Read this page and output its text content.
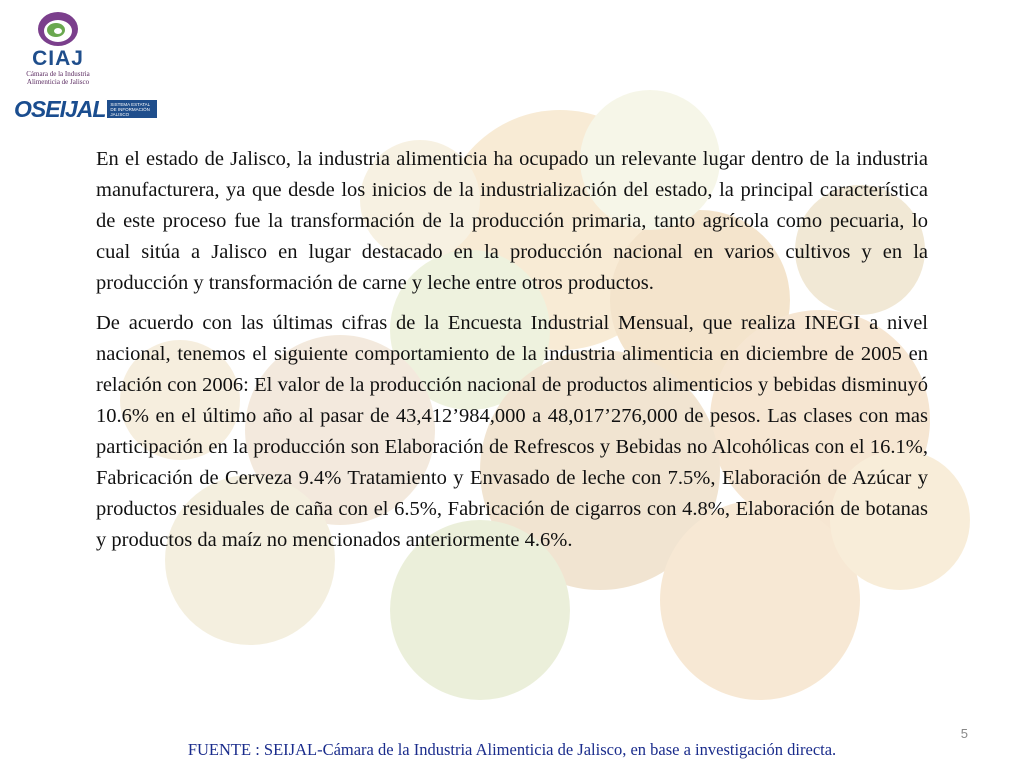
CIAJ
Cámara de la Industria
Alimenticia de Jalisco
OSEIJAL	SISTEMA ESTATAL DE INFORMACIÓN JALISCO

En el estado de Jalisco, la industria alimenticia ha ocupado un relevante lugar dentro de la industria manufacturera, ya que desde los inicios de la industrialización del estado, la principal característica de este proceso fue la transformación de la producción primaria, tanto agrícola como pecuaria, lo cual sitúa a Jalisco en lugar destacado en la producción nacional en varios cultivos y en la producción y transformación de carne y leche entre otros productos.

De acuerdo con las últimas cifras de la Encuesta Industrial Mensual, que realiza INEGI a nivel nacional, tenemos el siguiente comportamiento de la industria alimenticia en diciembre de 2005 en relación con 2006: El valor de la producción nacional de productos alimenticios y bebidas disminuyó 10.6% en el último año al pasar de 43,412’984,000 a 48,017’276,000 de pesos. Las clases con mas participación en la producción son Elaboración de Refrescos y Bebidas no Alcohólicas con el 16.1%, Fabricación de Cerveza 9.4% Tratamiento y Envasado de leche con 7.5%, Elaboración de Azúcar y productos residuales de caña con el 6.5%, Fabricación de cigarros con 4.8%, Elaboración de botanas y productos da maíz no mencionados anteriormente 4.6%.

5
FUENTE : SEIJAL-Cámara de la Industria Alimenticia de Jalisco, en base a investigación directa.
